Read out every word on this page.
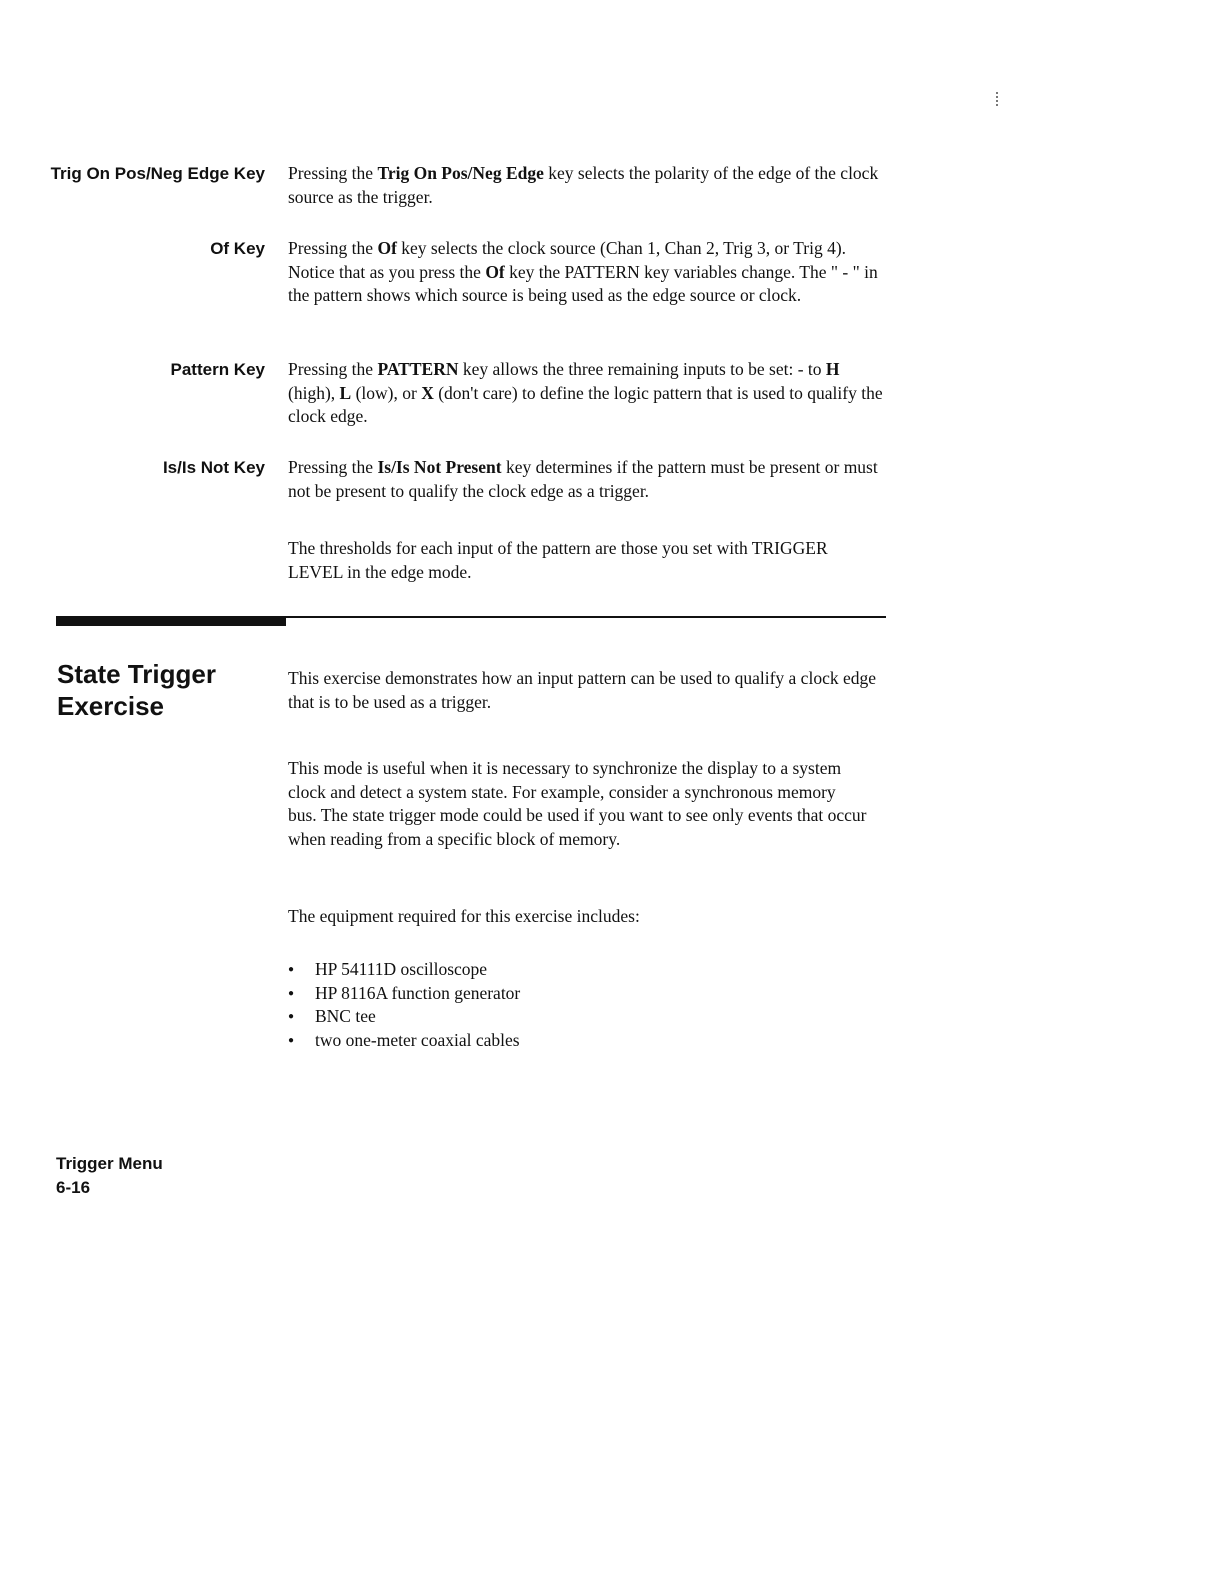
Trig On Pos/Neg Edge Key Pressing the Trig On Pos/Neg Edge key selects the polarity of the edge of the clock source as the trigger.
Of Key Pressing the Of key selects the clock source (Chan 1, Chan 2, Trig 3, or Trig 4). Notice that as you press the Of key the PATTERN key variables change. The " - " in the pattern shows which source is being used as the edge source or clock.
Pattern Key Pressing the PATTERN key allows the three remaining inputs to be set: - to H (high), L (low), or X (don't care) to define the logic pattern that is used to qualify the clock edge.
Is/Is Not Key Pressing the Is/Is Not Present key determines if the pattern must be present or must not be present to qualify the clock edge as a trigger.
The thresholds for each input of the pattern are those you set with TRIGGER LEVEL in the edge mode.
State Trigger Exercise
This exercise demonstrates how an input pattern can be used to qualify a clock edge that is to be used as a trigger.
This mode is useful when it is necessary to synchronize the display to a system clock and detect a system state. For example, consider a synchronous memory bus. The state trigger mode could be used if you want to see only events that occur when reading from a specific block of memory.
The equipment required for this exercise includes:
● HP 54111D oscilloscope
● HP 8116A function generator
● BNC tee
● two one-meter coaxial cables
Trigger Menu
6-16
